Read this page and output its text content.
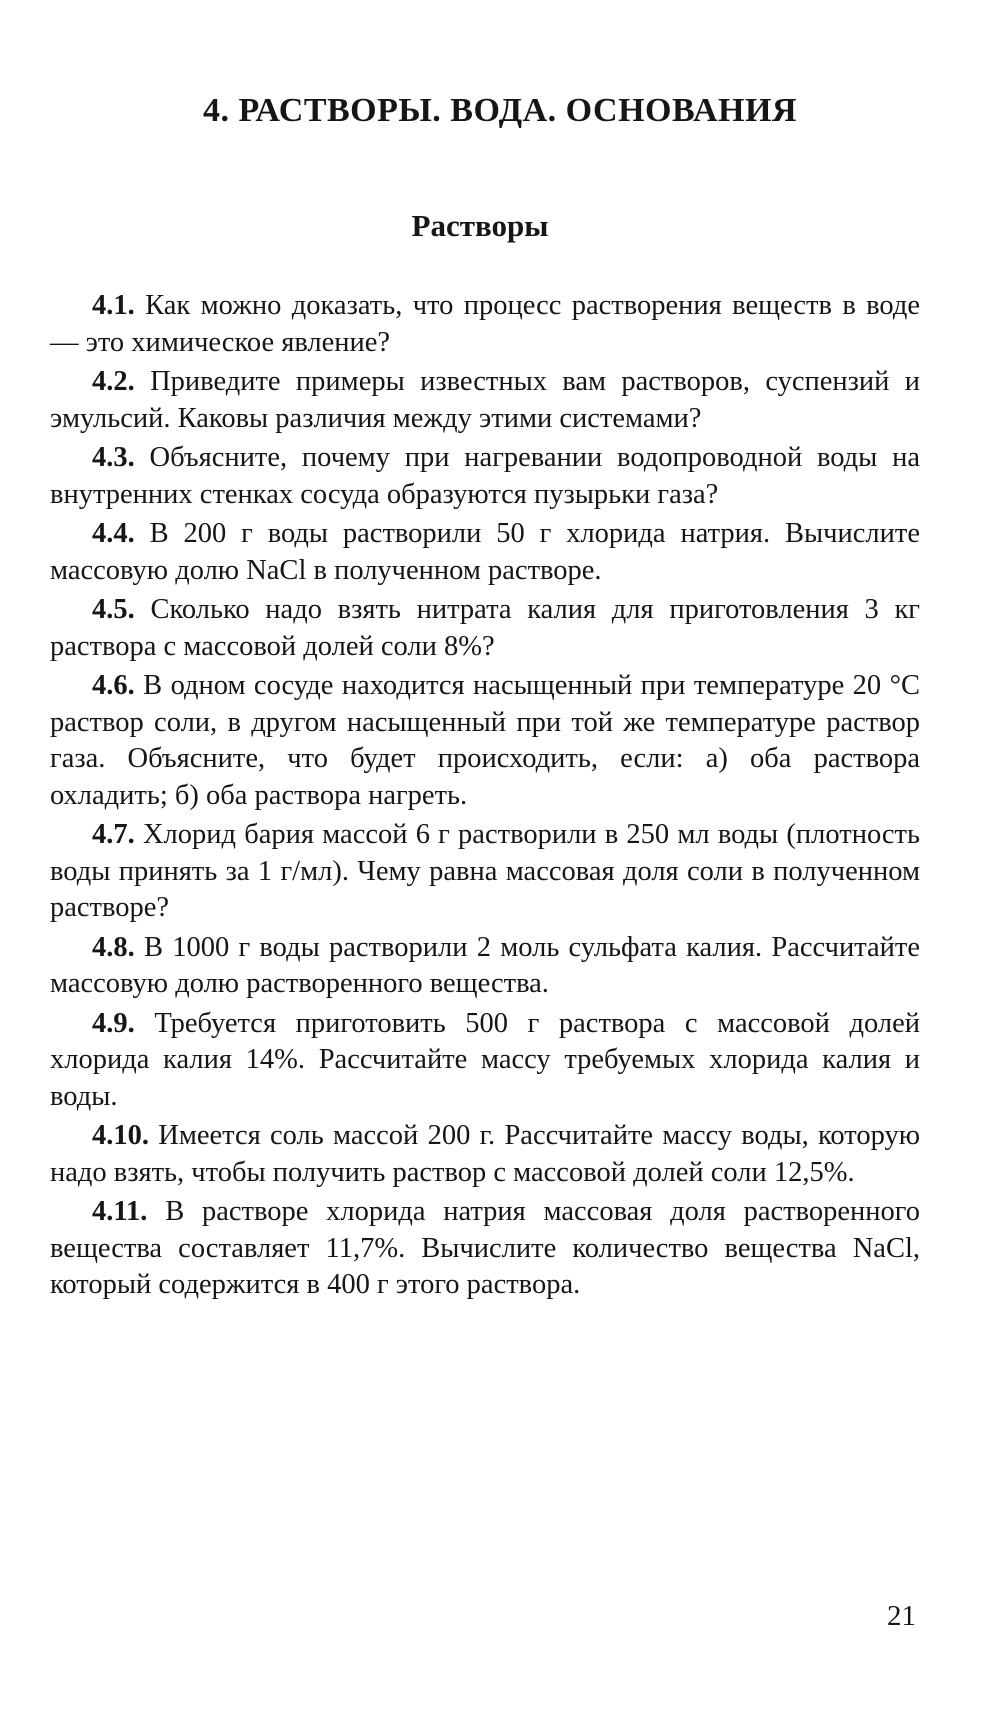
4. РАСТВОРЫ. ВОДА. ОСНОВАНИЯ
Растворы

4.1. Как можно доказать, что процесс растворения веществ в воде — это химическое явление?

4.2. Приведите примеры известных вам растворов, суспензий и эмульсий. Каковы различия между этими системами?

4.3. Объясните, почему при нагревании водопроводной воды на внутренних стенках сосуда образуются пузырьки газа?

4.4. В 200 г воды растворили 50 г хлорида натрия. Вычислите массовую долю NaCl в полученном растворе.

4.5. Сколько надо взять нитрата калия для приготовления 3 кг раствора с массовой долей соли 8%?

4.6. В одном сосуде находится насыщенный при температуре 20 °С раствор соли, в другом насыщенный при той же температуре раствор газа. Объясните, что будет происходить, если: а) оба раствора охладить; б) оба раствора нагреть.

4.7. Хлорид бария массой 6 г растворили в 250 мл воды (плотность воды принять за 1 г/мл). Чему равна массовая доля соли в полученном растворе?

4.8. В 1000 г воды растворили 2 моль сульфата калия. Рассчитайте массовую долю растворенного вещества.

4.9. Требуется приготовить 500 г раствора с массовой долей хлорида калия 14%. Рассчитайте массу требуемых хлорида калия и воды.

4.10. Имеется соль массой 200 г. Рассчитайте массу воды, которую надо взять, чтобы получить раствор с массовой долей соли 12,5%.

4.11. В растворе хлорида натрия массовая доля растворенного вещества составляет 11,7%. Вычислите количество вещества NaCl, который содержится в 400 г этого раствора.

21
